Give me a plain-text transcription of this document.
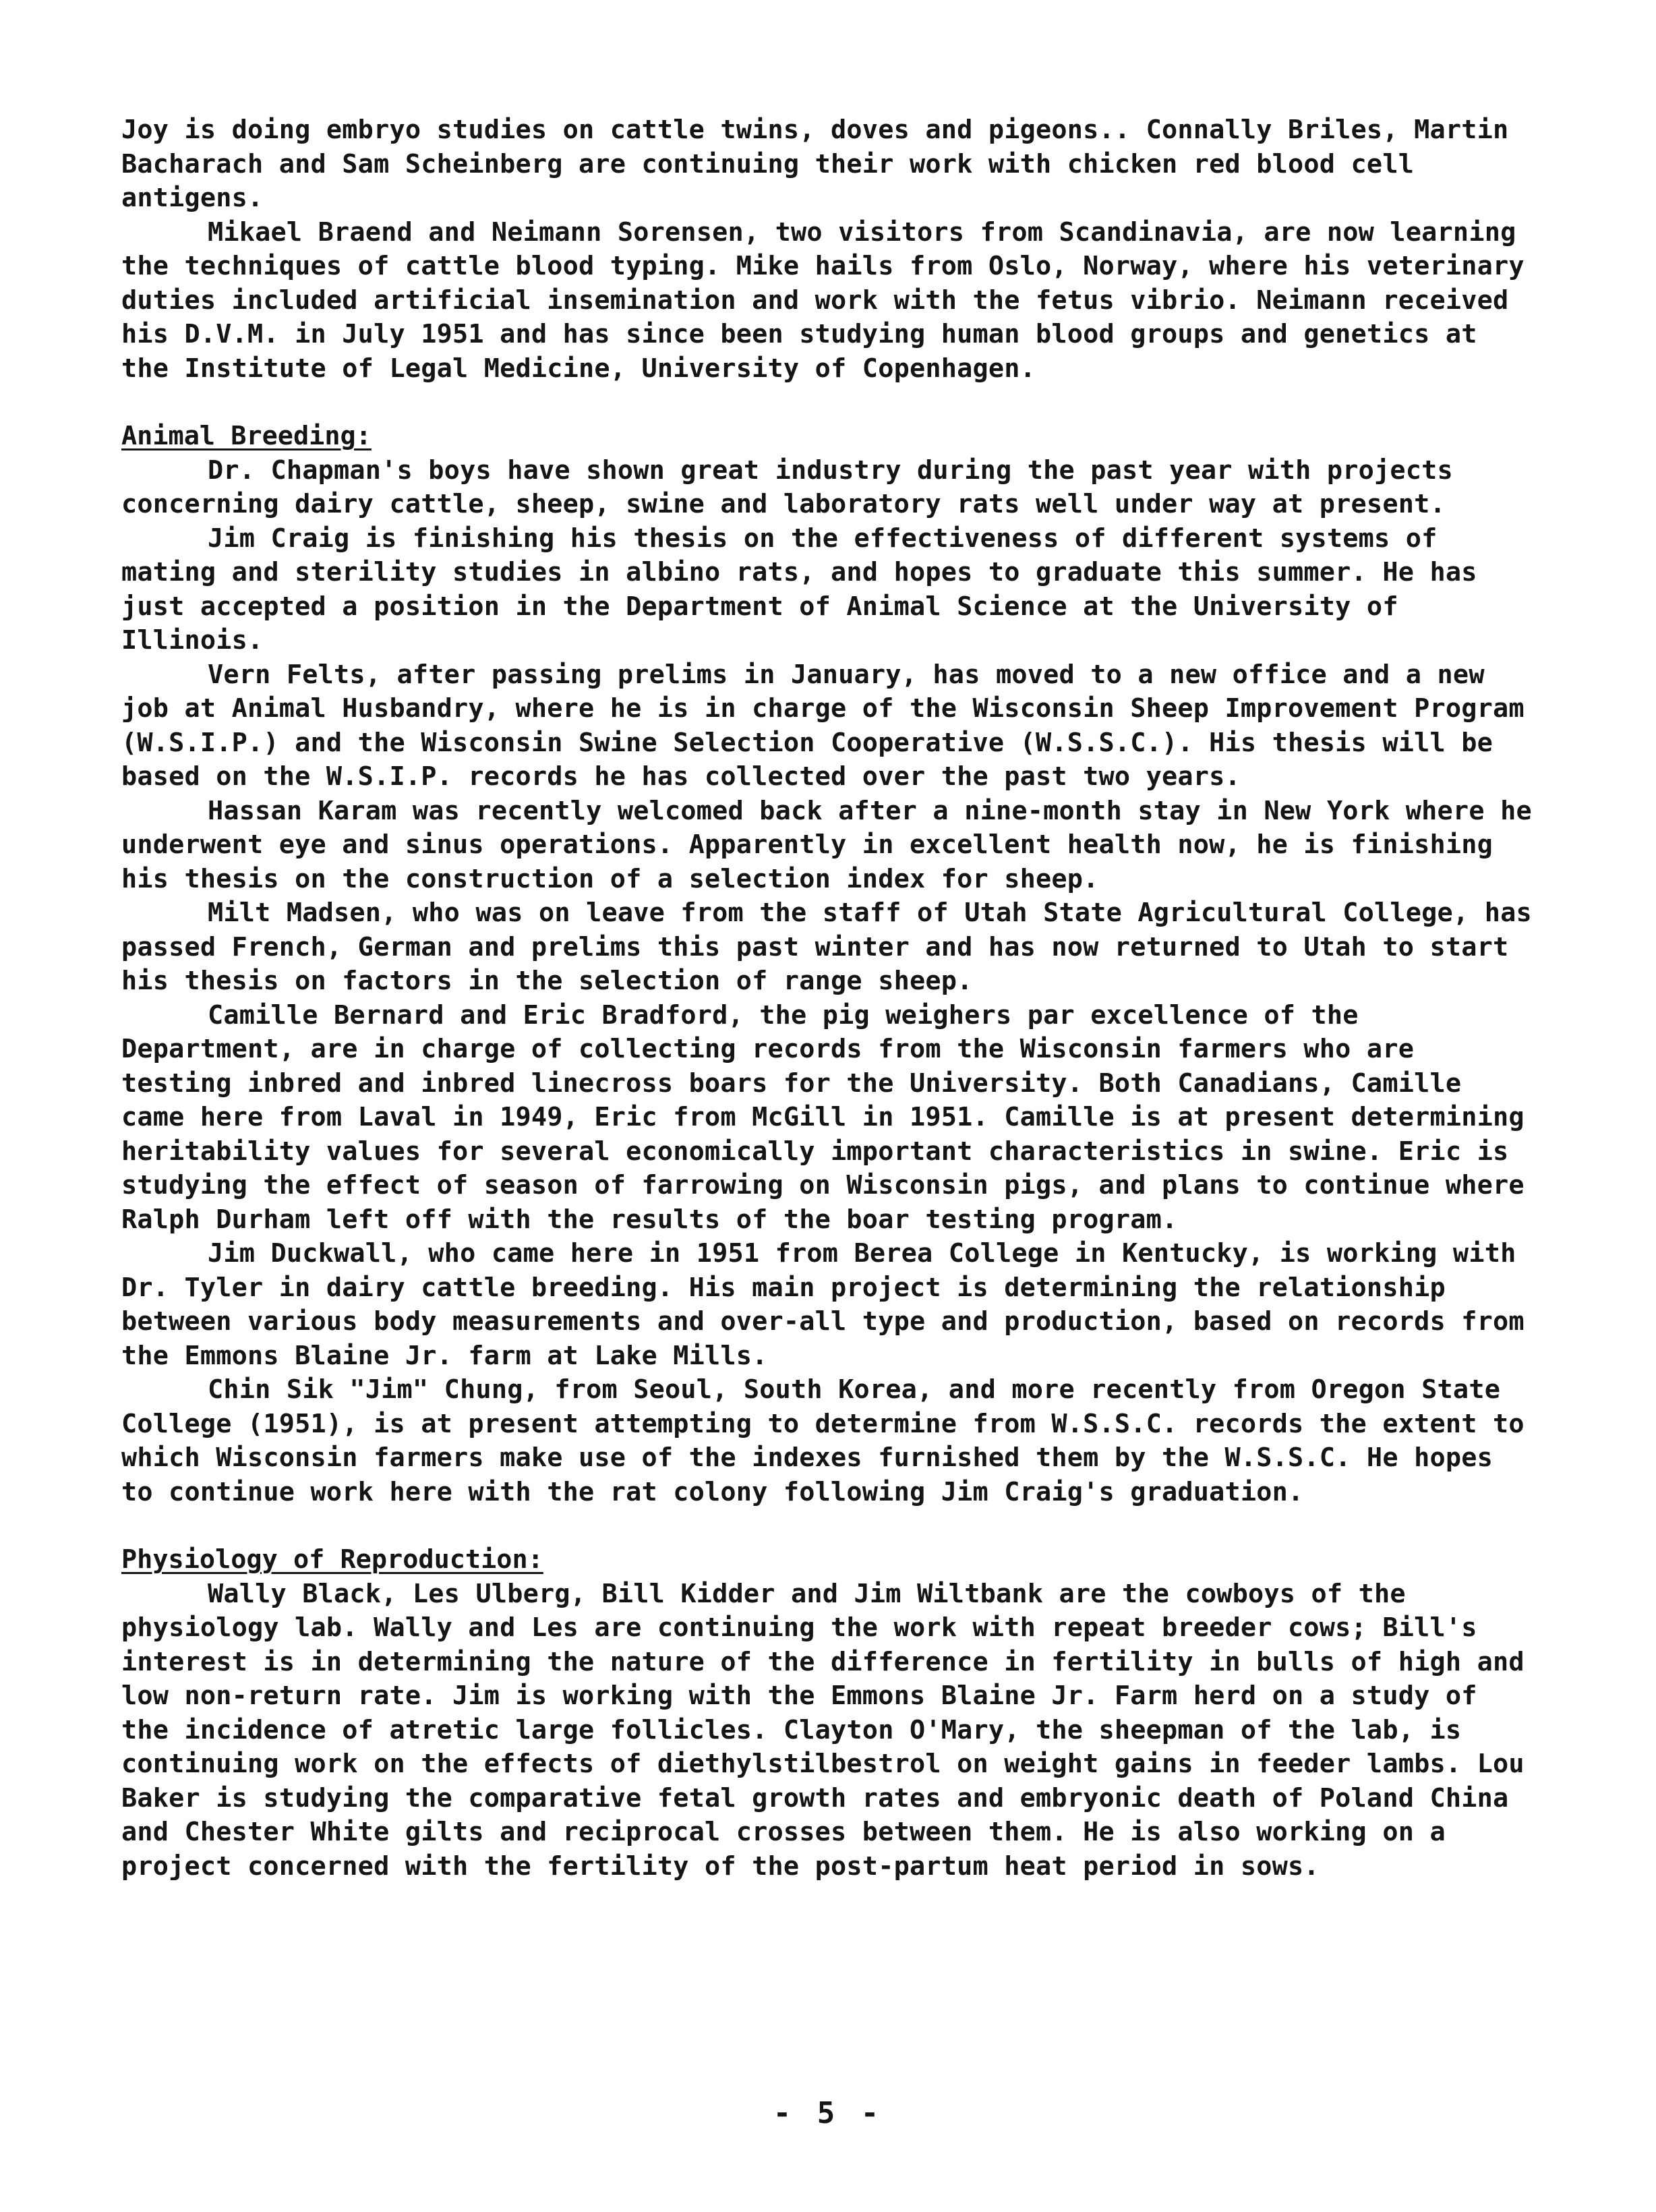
Joy is doing embryo studies on cattle twins, doves and pigeons.. Connally Briles, Martin Bacharach and Sam Scheinberg are continuing their work with chicken red blood cell antigens.

Mikael Braend and Neimann Sorensen, two visitors from Scandinavia, are now learning the techniques of cattle blood typing. Mike hails from Oslo, Norway, where his veterinary duties included artificial insemination and work with the fetus vibrio. Neimann received his D.V.M. in July 1951 and has since been studying human blood groups and genetics at the Institute of Legal Medicine, University of Copenhagen.

Animal Breeding:

Dr. Chapman's boys have shown great industry during the past year with projects concerning dairy cattle, sheep, swine and laboratory rats well under way at present.

Jim Craig is finishing his thesis on the effectiveness of different systems of mating and sterility studies in albino rats, and hopes to graduate this summer. He has just accepted a position in the Department of Animal Science at the University of Illinois.

Vern Felts, after passing prelims in January, has moved to a new office and a new job at Animal Husbandry, where he is in charge of the Wisconsin Sheep Improvement Program (W.S.I.P.) and the Wisconsin Swine Selection Cooperative (W.S.S.C.). His thesis will be based on the W.S.I.P. records he has collected over the past two years.

Hassan Karam was recently welcomed back after a nine-month stay in New York where he underwent eye and sinus operations. Apparently in excellent health now, he is finishing his thesis on the construction of a selection index for sheep.

Milt Madsen, who was on leave from the staff of Utah State Agricultural College, has passed French, German and prelims this past winter and has now returned to Utah to start his thesis on factors in the selection of range sheep.

Camille Bernard and Eric Bradford, the pig weighers par excellence of the Department, are in charge of collecting records from the Wisconsin farmers who are testing inbred and inbred linecross boars for the University. Both Canadians, Camille came here from Laval in 1949, Eric from McGill in 1951. Camille is at present determining heritability values for several economically important characteristics in swine. Eric is studying the effect of season of farrowing on Wisconsin pigs, and plans to continue where Ralph Durham left off with the results of the boar testing program.

Jim Duckwall, who came here in 1951 from Berea College in Kentucky, is working with Dr. Tyler in dairy cattle breeding. His main project is determining the relationship between various body measurements and over-all type and production, based on records from the Emmons Blaine Jr. farm at Lake Mills.

Chin Sik "Jim" Chung, from Seoul, South Korea, and more recently from Oregon State College (1951), is at present attempting to determine from W.S.S.C. records the extent to which Wisconsin farmers make use of the indexes furnished them by the W.S.S.C. He hopes to continue work here with the rat colony following Jim Craig's graduation.

Physiology of Reproduction:

Wally Black, Les Ulberg, Bill Kidder and Jim Wiltbank are the cowboys of the physiology lab. Wally and Les are continuing the work with repeat breeder cows; Bill's interest is in determining the nature of the difference in fertility in bulls of high and low non-return rate. Jim is working with the Emmons Blaine Jr. Farm herd on a study of the incidence of atretic large follicles. Clayton O'Mary, the sheepman of the lab, is continuing work on the effects of diethylstilbestrol on weight gains in feeder lambs. Lou Baker is studying the comparative fetal growth rates and embryonic death of Poland China and Chester White gilts and reciprocal crosses between them. He is also working on a project concerned with the fertility of the post-partum heat period in sows.

- 5 -
